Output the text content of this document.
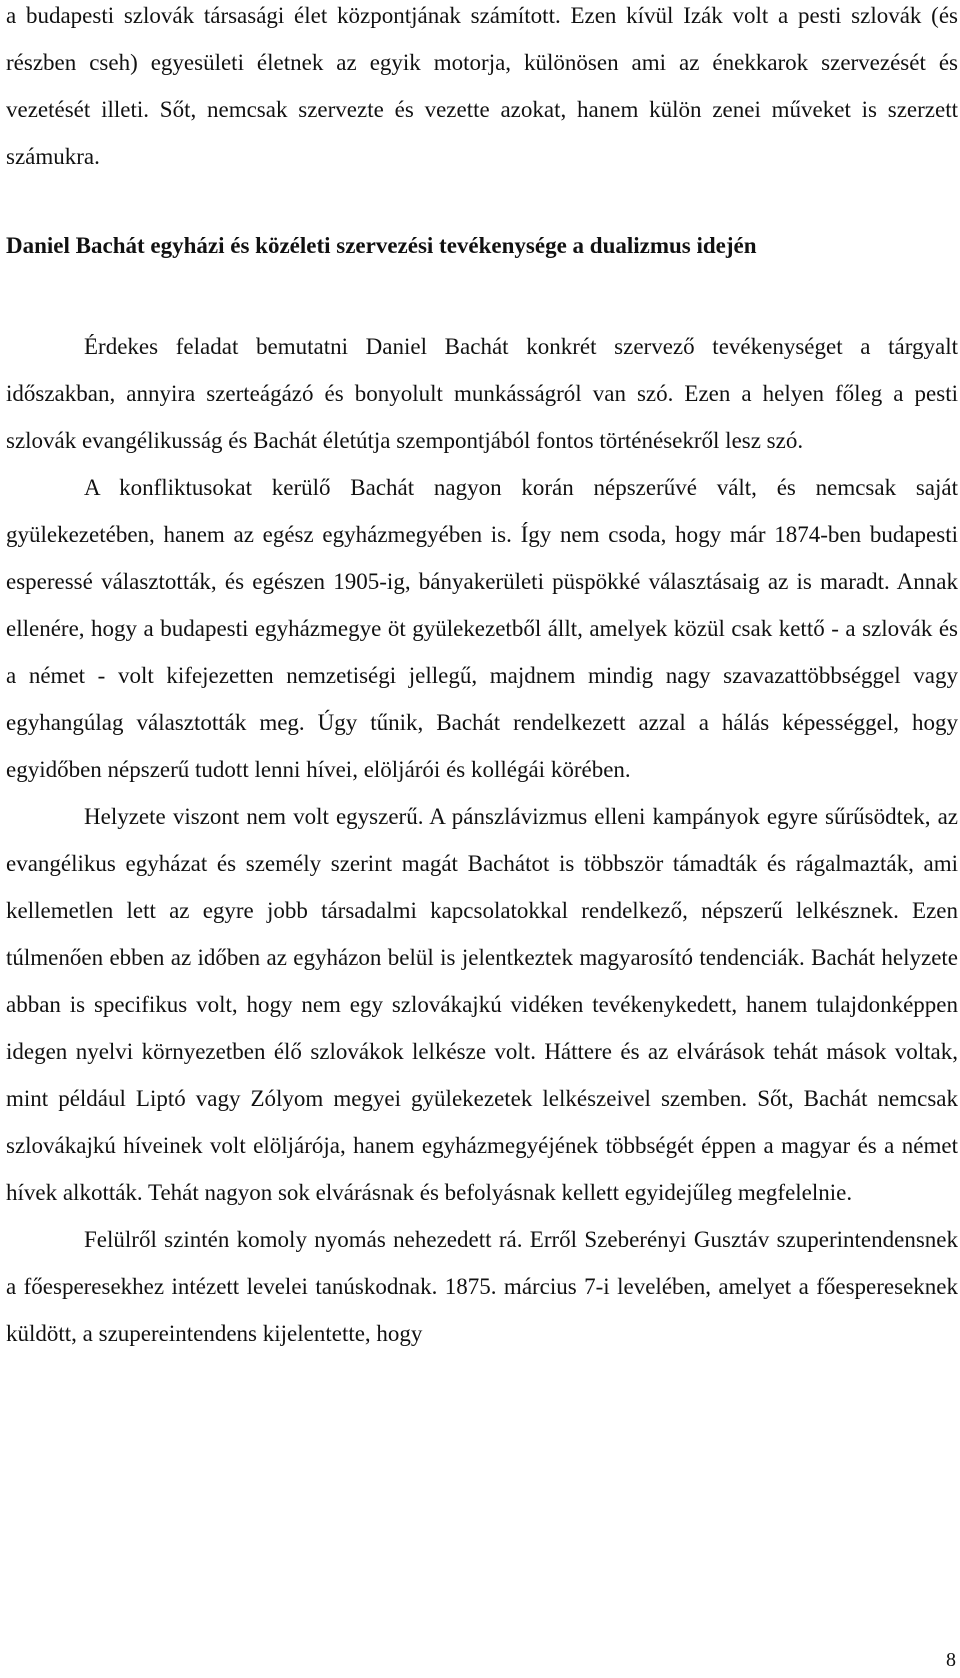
a budapesti szlovák társasági élet központjának számított. Ezen kívül Izák volt a pesti szlovák (és részben cseh) egyesületi életnek az egyik motorja, különösen ami az énekkarok szervezését és vezetését illeti. Sőt, nemcsak szervezte és vezette azokat, hanem külön zenei műveket is szerzett számukra.

Daniel Bachát egyházi és közéleti szervezési tevékenysége a dualizmus idején

Érdekes feladat bemutatni Daniel Bachát konkrét szervező tevékenységet a tárgyalt időszakban, annyira szerteágázó és bonyolult munkásságról van szó. Ezen a helyen főleg a pesti szlovák evangélikusság és Bachát életútja szempontjából fontos történésekről lesz szó.

A konfliktusokat kerülő Bachát nagyon korán népszerűvé vált, és nemcsak saját gyülekezetében, hanem az egész egyházmegyében is. Így nem csoda, hogy már 1874-ben budapesti esperessé választották, és egészen 1905-ig, bányakerületi püspökké választásaig az is maradt. Annak ellenére, hogy a budapesti egyházmegye öt gyülekezetből állt, amelyek közül csak kettő - a szlovák és a német - volt kifejezetten nemzetiségi jellegű, majdnem mindig nagy szavazattöbbséggel vagy egyhangúlag választották meg. Úgy tűnik, Bachát rendelkezett azzal a hálás képességgel, hogy egyidőben népszerű tudott lenni hívei, elöljárói és kollégái körében.

Helyzete viszont nem volt egyszerű. A pánszlávizmus elleni kampányok egyre sűrűsödtek, az evangélikus egyházat és személy szerint magát Bachátot is többször támadták és rágalmazták, ami kellemetlen lett az egyre jobb társadalmi kapcsolatokkal rendelkező, népszerű lelkésznek. Ezen túlmenően ebben az időben az egyházon belül is jelentkeztek magyarosító tendenciák. Bachát helyzete abban is specifikus volt, hogy nem egy szlovákajkú vidéken tevékenykedett, hanem tulajdonképpen idegen nyelvi környezetben élő szlovákok lelkésze volt. Háttere és az elvárások tehát mások voltak, mint például Liptó vagy Zólyom megyei gyülekezetek lelkészeivel szemben. Sőt, Bachát nemcsak szlovákajkú híveinek volt elöljárója, hanem egyházmegyéjének többségét éppen a magyar és a német hívek alkották. Tehát nagyon sok elvárásnak és befolyásnak kellett egyidejűleg megfelelnie.

Felülről szintén komoly nyomás nehezedett rá. Erről Szeberényi Gusztáv szuperintendensnek a főesperesekhez intézett levelei tanúskodnak. 1875. március 7-i levelében, amelyet a főespereseknek küldött, a szupereintendens kijelentette, hogy

8
